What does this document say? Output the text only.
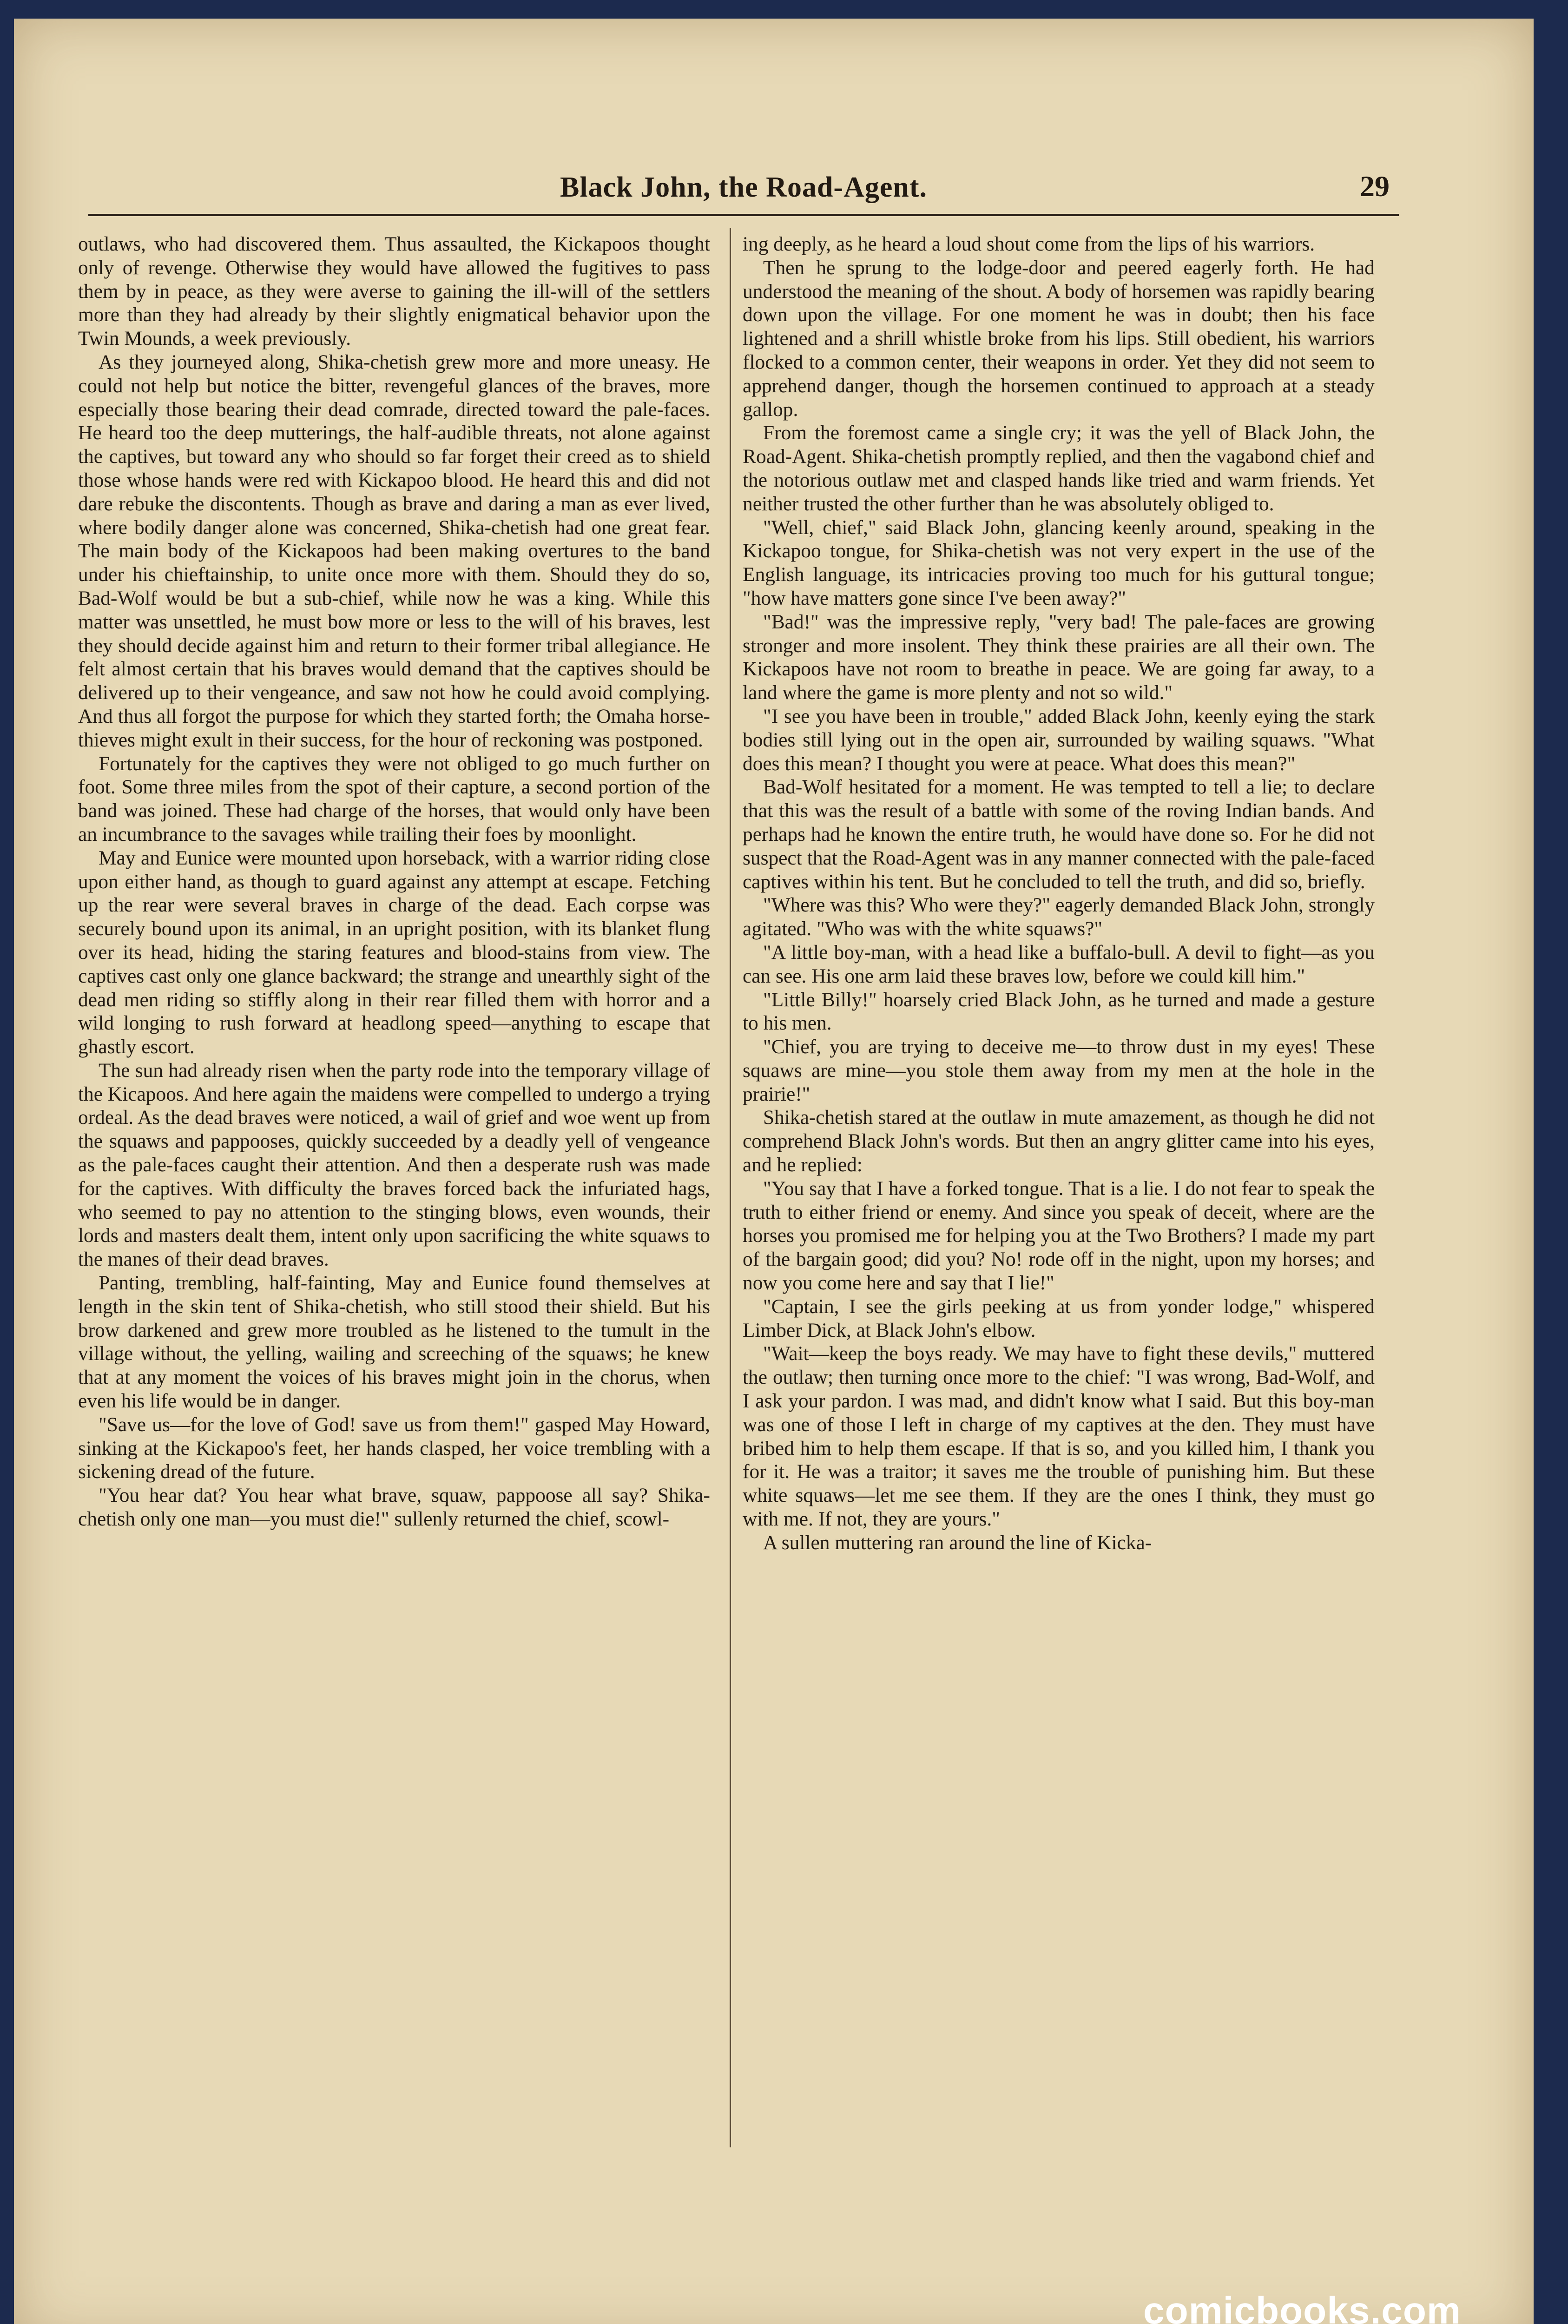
Black John, the Road-Agent.	29

outlaws, who had discovered them. Thus assaulted, the Kickapoos thought only of revenge. Otherwise they would have allowed the fugitives to pass them by in peace, as they were averse to gaining the ill-will of the settlers more than they had already by their slightly enigmatical behavior upon the Twin Mounds, a week previously.

As they journeyed along, Shika-chetish grew more and more uneasy. He could not help but notice the bitter, revengeful glances of the braves, more especially those bearing their dead comrade, directed toward the pale-faces. He heard too the deep mutterings, the half-audible threats, not alone against the captives, but toward any who should so far forget their creed as to shield those whose hands were red with Kickapoo blood. He heard this and did not dare rebuke the discontents. Though as brave and daring a man as ever lived, where bodily danger alone was concerned, Shika-chetish had one great fear. The main body of the Kickapoos had been making overtures to the band under his chieftainship, to unite once more with them. Should they do so, Bad-Wolf would be but a sub-chief, while now he was a king. While this matter was unsettled, he must bow more or less to the will of his braves, lest they should decide against him and return to their former tribal allegiance. He felt almost certain that his braves would demand that the captives should be delivered up to their vengeance, and saw not how he could avoid complying. And thus all forgot the purpose for which they started forth; the Omaha horse-thieves might exult in their success, for the hour of reckoning was postponed.

Fortunately for the captives they were not obliged to go much further on foot. Some three miles from the spot of their capture, a second portion of the band was joined. These had charge of the horses, that would only have been an incumbrance to the savages while trailing their foes by moonlight.

May and Eunice were mounted upon horseback, with a warrior riding close upon either hand, as though to guard against any attempt at escape. Fetching up the rear were several braves in charge of the dead. Each corpse was securely bound upon its animal, in an upright position, with its blanket flung over its head, hiding the staring features and blood-stains from view. The captives cast only one glance backward; the strange and unearthly sight of the dead men riding so stiffly along in their rear filled them with horror and a wild longing to rush forward at headlong speed—anything to escape that ghastly escort.

The sun had already risen when the party rode into the temporary village of the Kicapoos. And here again the maidens were compelled to undergo a trying ordeal. As the dead braves were noticed, a wail of grief and woe went up from the squaws and pappooses, quickly succeeded by a deadly yell of vengeance as the pale-faces caught their attention. And then a desperate rush was made for the captives. With difficulty the braves forced back the infuriated hags, who seemed to pay no attention to the stinging blows, even wounds, their lords and masters dealt them, intent only upon sacrificing the white squaws to the manes of their dead braves.

Panting, trembling, half-fainting, May and Eunice found themselves at length in the skin tent of Shika-chetish, who still stood their shield. But his brow darkened and grew more troubled as he listened to the tumult in the village without, the yelling, wailing and screeching of the squaws; he knew that at any moment the voices of his braves might join in the chorus, when even his life would be in danger.

"Save us—for the love of God! save us from them!" gasped May Howard, sinking at the Kickapoo's feet, her hands clasped, her voice trembling with a sickening dread of the future.

"You hear dat? You hear what brave, squaw, pappoose all say? Shika-chetish only one man—you must die!" sullenly returned the chief, scowl-

ing deeply, as he heard a loud shout come from the lips of his warriors.

Then he sprung to the lodge-door and peered eagerly forth. He had understood the meaning of the shout. A body of horsemen was rapidly bearing down upon the village. For one moment he was in doubt; then his face lightened and a shrill whistle broke from his lips. Still obedient, his warriors flocked to a common center, their weapons in order. Yet they did not seem to apprehend danger, though the horsemen continued to approach at a steady gallop.

From the foremost came a single cry; it was the yell of Black John, the Road-Agent. Shika-chetish promptly replied, and then the vagabond chief and the notorious outlaw met and clasped hands like tried and warm friends. Yet neither trusted the other further than he was absolutely obliged to.

"Well, chief," said Black John, glancing keenly around, speaking in the Kickapoo tongue, for Shika-chetish was not very expert in the use of the English language, its intricacies proving too much for his guttural tongue; "how have matters gone since I've been away?"

"Bad!" was the impressive reply, "very bad! The pale-faces are growing stronger and more insolent. They think these prairies are all their own. The Kickapoos have not room to breathe in peace. We are going far away, to a land where the game is more plenty and not so wild."

"I see you have been in trouble," added Black John, keenly eying the stark bodies still lying out in the open air, surrounded by wailing squaws. "What does this mean? I thought you were at peace. What does this mean?"

Bad-Wolf hesitated for a moment. He was tempted to tell a lie; to declare that this was the result of a battle with some of the roving Indian bands. And perhaps had he known the entire truth, he would have done so. For he did not suspect that the Road-Agent was in any manner connected with the pale-faced captives within his tent. But he concluded to tell the truth, and did so, briefly.

"Where was this? Who were they?" eagerly demanded Black John, strongly agitated. "Who was with the white squaws?"

"A little boy-man, with a head like a buffalo-bull. A devil to fight—as you can see. His one arm laid these braves low, before we could kill him."

"Little Billy!" hoarsely cried Black John, as he turned and made a gesture to his men.

"Chief, you are trying to deceive me—to throw dust in my eyes! These squaws are mine—you stole them away from my men at the hole in the prairie!"

Shika-chetish stared at the outlaw in mute amazement, as though he did not comprehend Black John's words. But then an angry glitter came into his eyes, and he replied:

"You say that I have a forked tongue. That is a lie. I do not fear to speak the truth to either friend or enemy. And since you speak of deceit, where are the horses you promised me for helping you at the Two Brothers? I made my part of the bargain good; did you? No! rode off in the night, upon my horses; and now you come here and say that I lie!"

"Captain, I see the girls peeking at us from yonder lodge," whispered Limber Dick, at Black John's elbow.

"Wait—keep the boys ready. We may have to fight these devils," muttered the outlaw; then turning once more to the chief: "I was wrong, Bad-Wolf, and I ask your pardon. I was mad, and didn't know what I said. But this boy-man was one of those I left in charge of my captives at the den. They must have bribed him to help them escape. If that is so, and you killed him, I thank you for it. He was a traitor; it saves me the trouble of punishing him. But these white squaws—let me see them. If they are the ones I think, they must go with me. If not, they are yours."

A sullen muttering ran around the line of Kicka-

comicbooks.com
